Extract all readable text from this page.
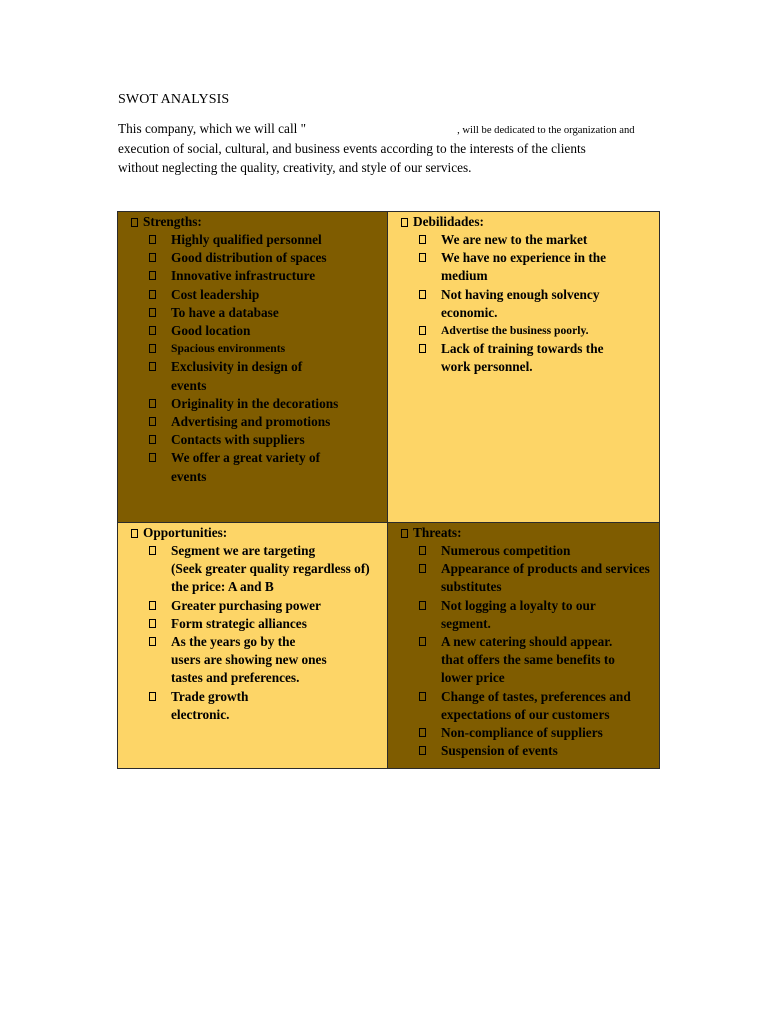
SWOT ANALYSIS
This company, which we will call "	, will be dedicated to the organization and
execution of social, cultural, and business events according to the interests of the clients
without neglecting the quality, creativity, and style of our services.
Strengths:
Highly qualified personnel
Good distribution of spaces
Innovative infrastructure
Cost leadership
To have a database
Good location
Spacious environments
Exclusivity in design of
events
Originality in the decorations
Advertising and promotions
Contacts with suppliers
We offer a great variety of
events
Debilidades:
We are new to the market
We have no experience in the
medium
Not having enough solvency
economic.
Advertise the business poorly.
Lack of training towards the
work personnel.
Opportunities:
Segment we are targeting
(Seek greater quality regardless of)
the price: A and B
Greater purchasing power
Form strategic alliances
As the years go by the
users are showing new ones
tastes and preferences.
Trade growth
electronic.
Threats:
Numerous competition
Appearance of products and services
substitutes
Not logging a loyalty to our
segment.
A new catering should appear.
that offers the same benefits to
lower price
Change of tastes, preferences and
expectations of our customers
Non-compliance of suppliers
Suspension of events
